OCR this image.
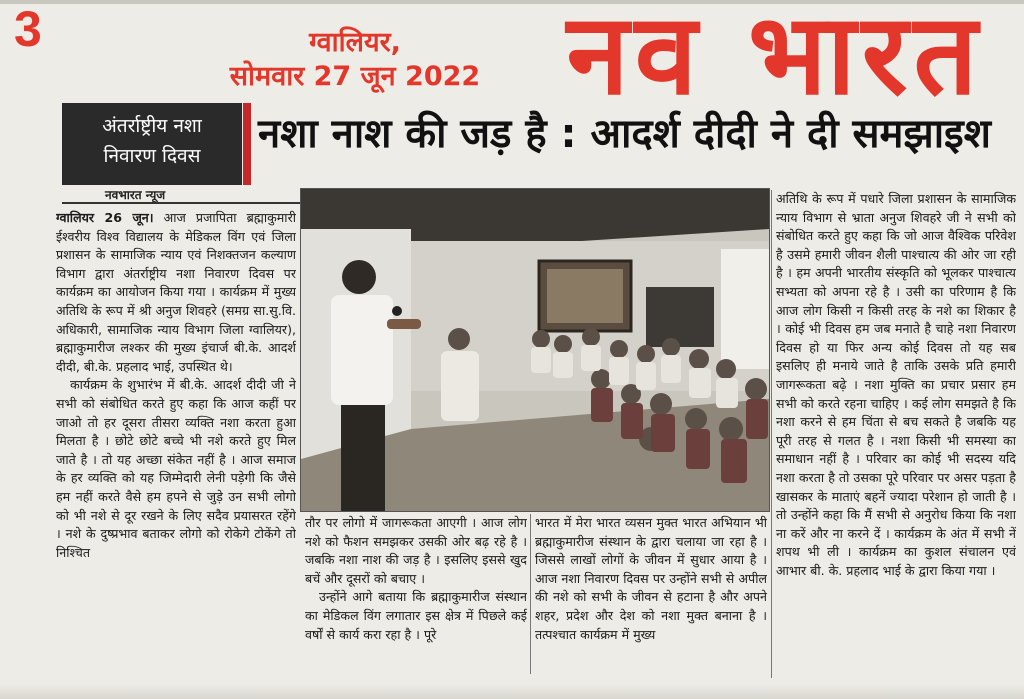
3	ग्वालियर,
सोमवार 27 जून 2022 नव भारत
अंतर्राष्ट्रीय नशा
निवारण दिवस	नशा नाश की जड़ है : आदर्श दीदी ने दी समझाइश
नवभारत न्यूज

ग्वालियर 26 जून। आज प्रजापिता ब्रह्माकुमारी ईश्वरीय विश्व विद्यालय के मेडिकल विंग एवं जिला प्रशासन के सामाजिक न्याय एवं निशक्तजन कल्याण विभाग द्वारा अंतर्राष्ट्रीय नशा निवारण दिवस पर कार्यक्रम का आयोजन किया गया । कार्यक्रम में मुख्य अतिथि के रूप में श्री अनुज शिवहरे (समग्र सा.सु.वि. अधिकारी, सामाजिक न्याय विभाग जिला ग्वालियर), ब्रह्माकुमारीज लश्कर की मुख्य इंचार्ज बी.के. आदर्श दीदी, बी.के. प्रहलाद भाई, उपस्थित थे।

कार्यक्रम के शुभारंभ में बी.के. आदर्श दीदी जी ने सभी को संबोधित करते हुए कहा कि आज कहीं पर जाओ तो हर दूसरा तीसरा व्यक्ति नशा करता हुआ मिलता है । छोटे छोटे बच्चे भी नशे करते हुए मिल जाते है । तो यह अच्छा संकेत नहीं है । आज समाज के हर व्यक्ति को यह जिम्मेदारी लेनी पड़ेगी कि जैसे हम नहीं करते वैसे हम हपने से जुड़े उन सभी लोगो को भी नशे से दूर रखने के लिए सदैव प्रयासरत रहेंगे । नशे के दुष्प्रभाव बताकर लोगो को रोकेगे टोकेंगे तो निश्चित

तौर पर लोगो में जागरूकता आएगी । आज लोग नशे को फैशन समझकर उसकी ओर बढ़ रहे है । जबकि नशा नाश की जड़ है । इसलिए इससे खुद बचें और दूसरों को बचाए ।

उन्होंने आगे बताया कि ब्रह्माकुमारीज संस्थान का मेडिकल विंग लगातार इस क्षेत्र में पिछले कई वर्षों से कार्य करा रहा है । पूरे

भारत में मेरा भारत व्यसन मुक्त भारत अभियान भी ब्रह्माकुमारीज संस्थान के द्वारा चलाया जा रहा है । जिससे लाखों लोगों के जीवन में सुधार आया है । आज नशा निवारण दिवस पर उन्होंने सभी से अपील की नशे को सभी के जीवन से हटाना है और अपने शहर, प्रदेश और देश को नशा मुक्त बनाना है । तत्पश्चात कार्यक्रम में मुख्य

अतिथि के रूप में पधारे जिला प्रशासन के सामाजिक न्याय विभाग से भ्राता अनुज शिवहरे जी ने सभी को संबोधित करते हुए कहा कि जो आज वैश्विक परिवेश है उसमे हमारी जीवन शैली पाश्चात्य की ओर जा रही है । हम अपनी भारतीय संस्कृति को भूलकर पाश्चात्य सभ्यता को अपना रहे है । उसी का परिणाम है कि आज लोग किसी न किसी तरह के नशे का शिकार है । कोई भी दिवस हम जब मनाते है चाहे नशा निवारण दिवस हो या फिर अन्य कोई दिवस तो यह सब इसलिए ही मनाये जाते है ताकि उसके प्रति हमारी जागरूकता बढ़े । नशा मुक्ति का प्रचार प्रसार हम सभी को करते रहना चाहिए । कई लोग समझते है कि नशा करने से हम चिंता से बच सकते है जबकि यह पूरी तरह से गलत है । नशा किसी भी समस्या का समाधान नहीं है । परिवार का कोई भी सदस्य यदि नशा करता है तो उसका पूरे परिवार पर असर पड़ता है खासकर के माताएं बहनें ज्यादा परेशान हो जाती है । तो उन्होंने कहा कि मैं सभी से अनुरोध किया कि नशा ना करें और ना करने दें । कार्यक्रम के अंत में सभी नें शपथ भी ली । कार्यक्रम का कुशल संचालन एवं आभार बी. के. प्रहलाद भाई के द्वारा किया गया ।
